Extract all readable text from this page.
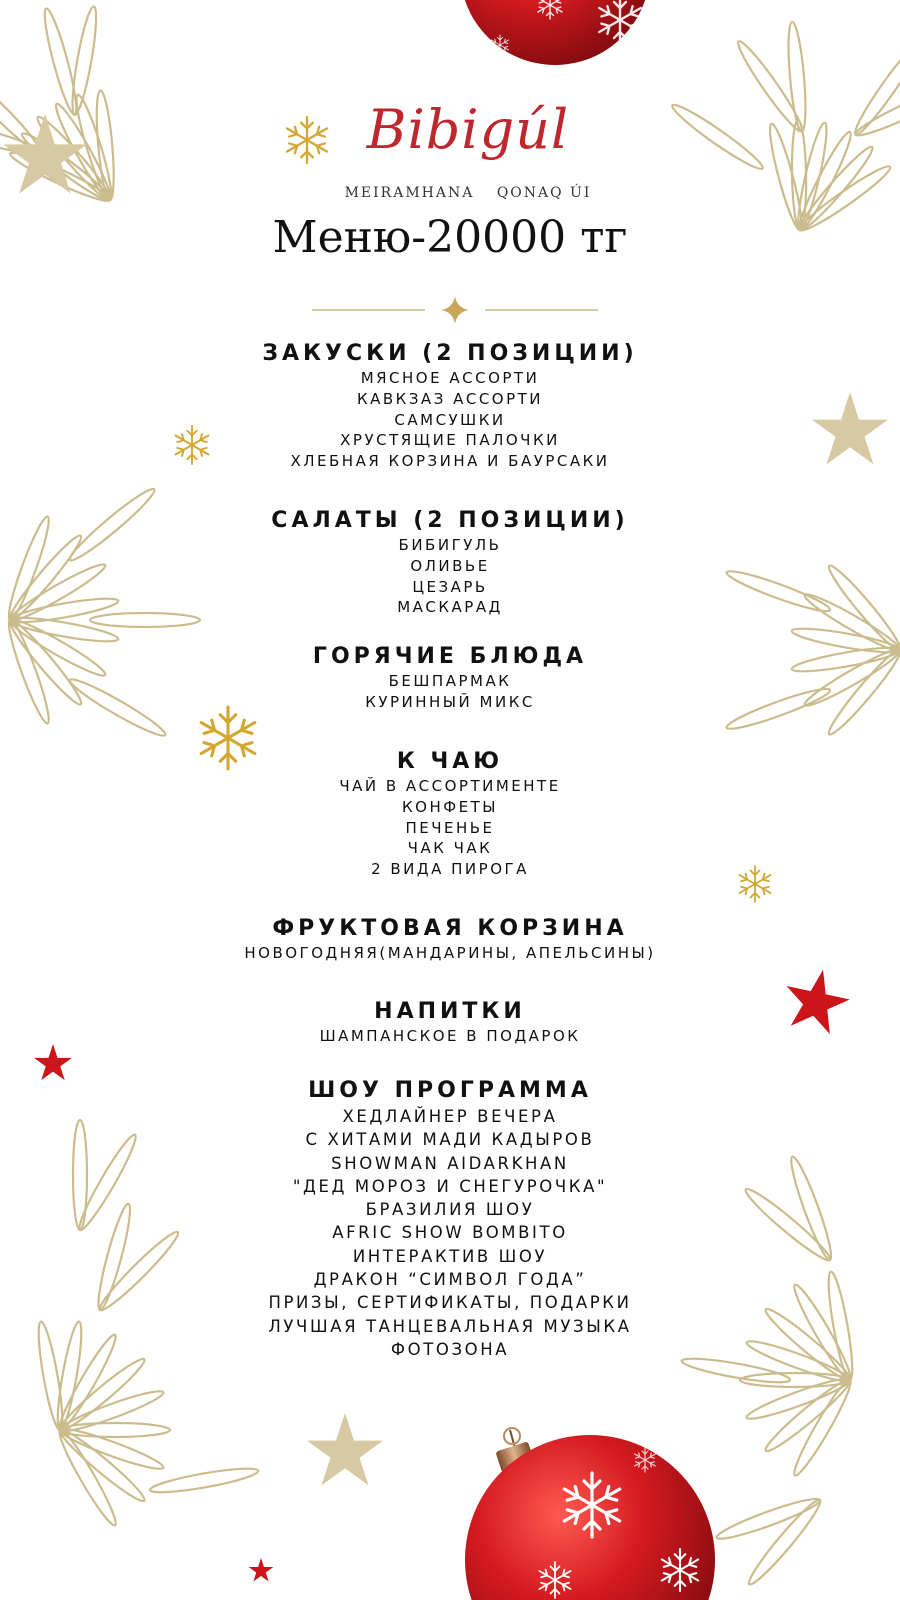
Bibigúl
MEIRAMHANA QONAQ ÚI
Меню-20000 тг
ЗАКУСКИ (2 ПОЗИЦИИ)
МЯСНОЕ АССОРТИ
КАВКЗАЗ АССОРТИ
САМСУШКИ
ХРУСТЯЩИЕ ПАЛОЧКИ
ХЛЕБНАЯ КОРЗИНА И БАУРСАКИ
САЛАТЫ (2 ПОЗИЦИИ)
БИБИГУЛЬ
ОЛИВЬЕ
ЦЕЗАРЬ
МАСКАРАД
ГОРЯЧИЕ БЛЮДА
БЕШПАРМАК
КУРИННЫЙ МИКС
К ЧАЮ
ЧАЙ В АССОРТИМЕНТЕ
КОНФЕТЫ
ПЕЧЕНЬЕ
ЧАК ЧАК
2 ВИДА ПИРОГА
ФРУКТОВАЯ КОРЗИНА
НОВОГОДНЯЯ(МАНДАРИНЫ, АПЕЛЬСИНЫ)
НАПИТКИ
ШАМПАНСКОЕ В ПОДАРОК
ШОУ ПРОГРАММА
ХЕДЛАЙНЕР ВЕЧЕРА
С ХИТАМИ МАДИ КАДЫРОВ
SHOWMAN AIDARKHAN
"ДЕД МОРОЗ И СНЕГУРОЧКА"
БРАЗИЛИЯ ШОУ
AFRIC SHOW BOMBITO
ИНТЕРАКТИВ ШОУ
ДРАКОН “СИМВОЛ ГОДА”
ПРИЗЫ, СЕРТИФИКАТЫ, ПОДАРКИ
ЛУЧШАЯ ТАНЦЕВАЛЬНАЯ МУЗЫКА
ФОТОЗОНА
